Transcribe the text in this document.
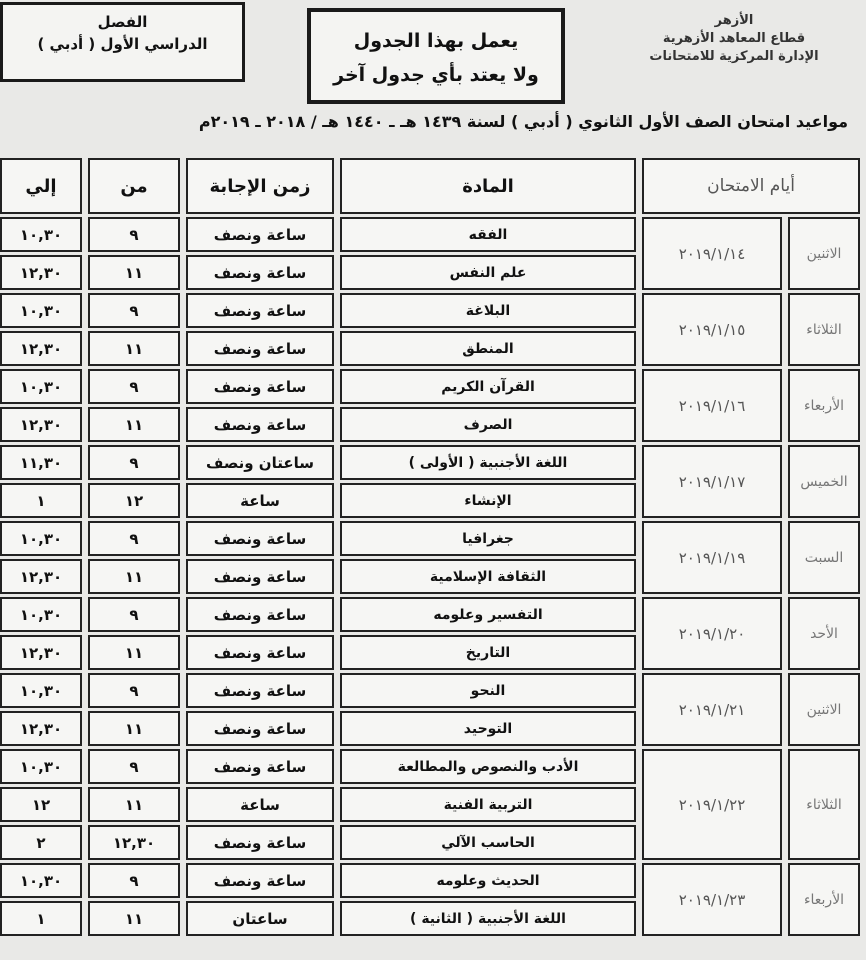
الفصل
الدراسي الأول ( أدبي )	يعمل بهذا الجدول
ولا يعتد بأي جدول آخر
الأزهر
قطاع المعاهد الأزهرية
الإدارة المركزية للامتحانات
مواعيد امتحان الصف الأول الثانوي ( أدبي ) لسنة ١٤٣٩ هـ ـ ١٤٤٠ هـ / ٢٠١٨ ـ ٢٠١٩م
أيام الامتحان		المادة	زمن الإجابة	من	إلي
الاثنين	٢٠١٩/١/١٤	الفقه	ساعة ونصف	٩	١٠,٣٠
		علم النفس	ساعة ونصف	١١	١٢,٣٠
الثلاثاء	٢٠١٩/١/١٥	البلاغة	ساعة ونصف	٩	١٠,٣٠
		المنطق	ساعة ونصف	١١	١٢,٣٠
الأربعاء	٢٠١٩/١/١٦	القرآن الكريم	ساعة ونصف	٩	١٠,٣٠
		الصرف	ساعة ونصف	١١	١٢,٣٠
الخميس	٢٠١٩/١/١٧	اللغة الأجنبية ( الأولى )	ساعتان ونصف	٩	١١,٣٠
		الإنشاء	ساعة	١٢	١
السبت	٢٠١٩/١/١٩	جغرافيا	ساعة ونصف	٩	١٠,٣٠
		الثقافة الإسلامية	ساعة ونصف	١١	١٢,٣٠
الأحد	٢٠١٩/١/٢٠	التفسير وعلومه	ساعة ونصف	٩	١٠,٣٠
		التاريخ	ساعة ونصف	١١	١٢,٣٠
الاثنين	٢٠١٩/١/٢١	النحو	ساعة ونصف	٩	١٠,٣٠
		التوحيد	ساعة ونصف	١١	١٢,٣٠
الثلاثاء	٢٠١٩/١/٢٢	الأدب والنصوص والمطالعة	ساعة ونصف	٩	١٠,٣٠
		التربية الفنية	ساعة	١١	١٢
		الحاسب الآلي	ساعة ونصف	١٢,٣٠	٢
الأربعاء	٢٠١٩/١/٢٣	الحديث وعلومه	ساعة ونصف	٩	١٠,٣٠
		اللغة الأجنبية ( الثانية )	ساعتان	١١	١
